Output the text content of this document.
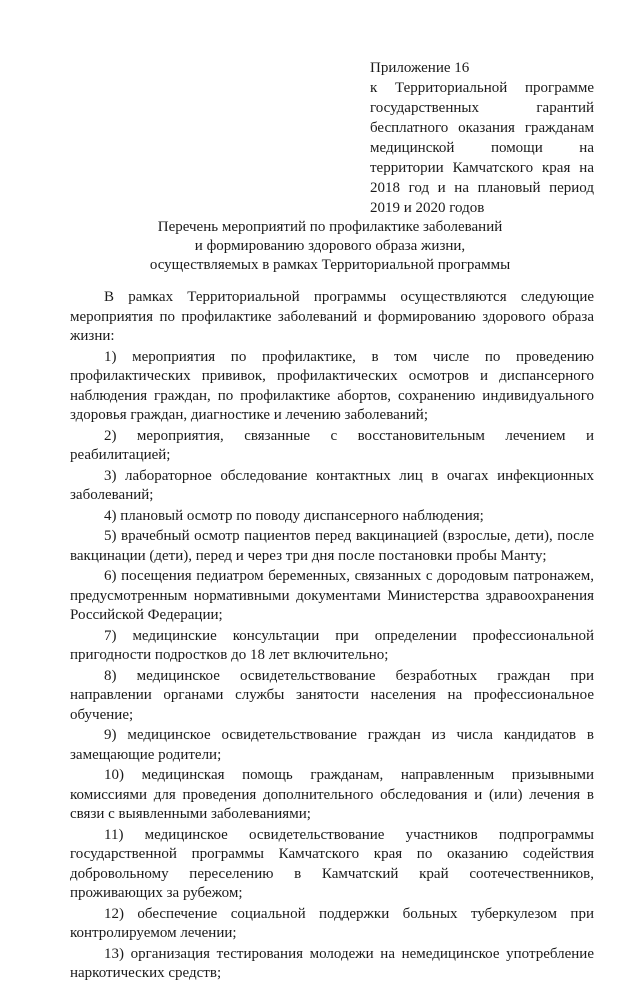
Приложение 16
к Территориальной программе государственных гарантий бесплатного оказания гражданам медицинской помощи на территории Камчатского края на 2018 год и на плановый период 2019 и 2020 годов
Перечень мероприятий по профилактике заболеваний
и формированию здорового образа жизни,
осуществляемых в рамках Территориальной программы

В рамках Территориальной программы осуществляются следующие мероприятия по профилактике заболеваний и формированию здорового образа жизни:

1) мероприятия по профилактике, в том числе по проведению профилактических прививок, профилактических осмотров и диспансерного наблюдения граждан, по профилактике абортов, сохранению индивидуального здоровья граждан, диагностике и лечению заболеваний;

2) мероприятия, связанные с восстановительным лечением и реабилитацией;

3) лабораторное обследование контактных лиц в очагах инфекционных заболеваний;

4) плановый осмотр по поводу диспансерного наблюдения;

5) врачебный осмотр пациентов перед вакцинацией (взрослые, дети), после вакцинации (дети), перед и через три дня после постановки пробы Манту;

6) посещения педиатром беременных, связанных с дородовым патронажем, предусмотренным нормативными документами Министерства здравоохранения Российской Федерации;

7) медицинские консультации при определении профессиональной пригодности подростков до 18 лет включительно;

8) медицинское освидетельствование безработных граждан при направлении органами службы занятости населения на профессиональное обучение;

9) медицинское освидетельствование граждан из числа кандидатов в замещающие родители;

10) медицинская помощь гражданам, направленным призывными комиссиями для проведения дополнительного обследования и (или) лечения в связи с выявленными заболеваниями;

11) медицинское освидетельствование участников подпрограммы государственной программы Камчатского края по оказанию содействия добровольному переселению в Камчатский край соотечественников, проживающих за рубежом;

12) обеспечение социальной поддержки больных туберкулезом при контролируемом лечении;

13) организация тестирования молодежи на немедицинское употребление наркотических средств;
